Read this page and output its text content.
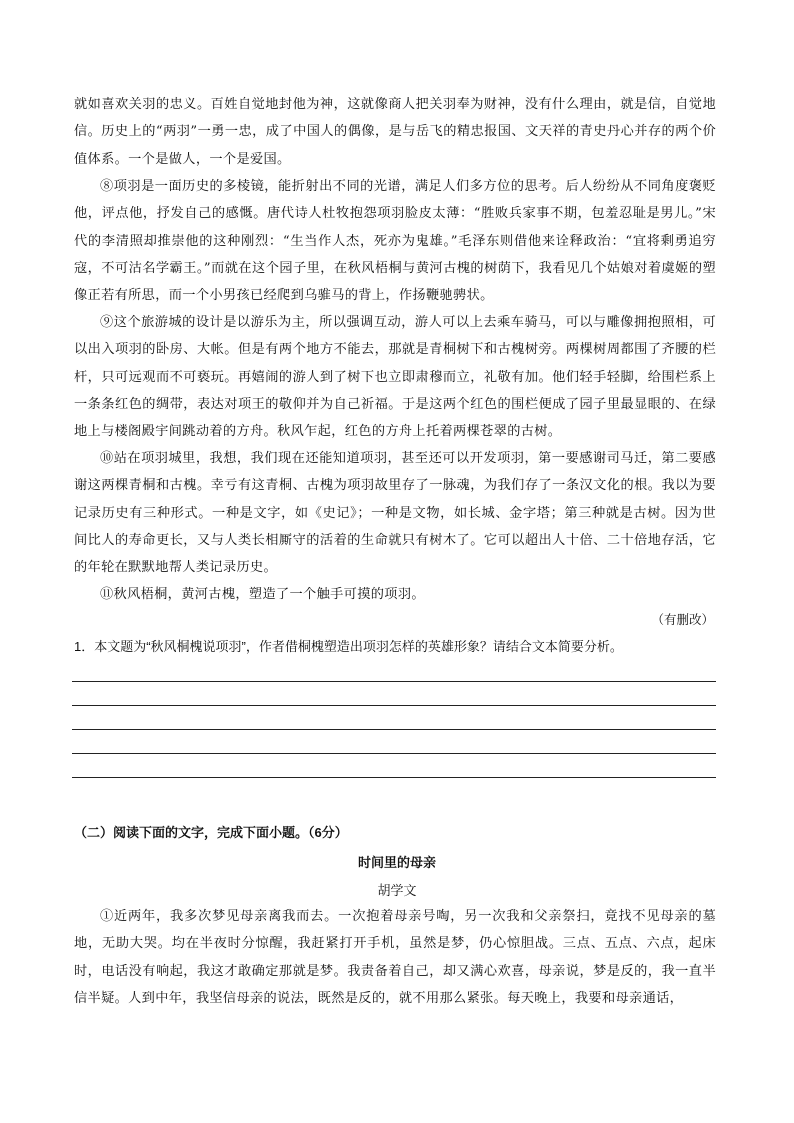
就如喜欢关羽的忠义。百姓自觉地封他为神，这就像商人把关羽奉为财神，没有什么理由，就是信，自觉地信。历史上的“两羽”一勇一忠，成了中国人的偶像，是与岳飞的精忠报国、文天祥的青史丹心并存的两个价值体系。一个是做人，一个是爱国。

⑧项羽是一面历史的多棱镜，能折射出不同的光谱，满足人们多方位的思考。后人纷纷从不同角度褒贬他，评点他，抒发自己的感慨。唐代诗人杜牧抱怨项羽脸皮太薄：“胜败兵家事不期，包羞忍耻是男儿。”宋代的李清照却推崇他的这种刚烈：“生当作人杰，死亦为鬼雄。”毛泽东则借他来诠释政治：“宜将剩勇追穷寇，不可沽名学霸王。”而就在这个园子里，在秋风梧桐与黄河古槐的树荫下，我看见几个姑娘对着虞姬的塑像正若有所思，而一个小男孩已经爬到乌骓马的背上，作扬鞭驰骋状。

⑨这个旅游城的设计是以游乐为主，所以强调互动，游人可以上去乘车骑马，可以与雕像拥抱照相，可以出入项羽的卧房、大帐。但是有两个地方不能去，那就是青桐树下和古槐树旁。两棵树周都围了齐腰的栏杆，只可远观而不可亵玩。再嬉闹的游人到了树下也立即肃穆而立，礼敬有加。他们轻手轻脚，给围栏系上一条条红色的绸带，表达对项王的敬仰并为自己祈福。于是这两个红色的围栏便成了园子里最显眼的、在绿地上与楼阁殿宇间跳动着的方舟。秋风乍起，红色的方舟上托着两棵苍翠的古树。

⑩站在项羽城里，我想，我们现在还能知道项羽，甚至还可以开发项羽，第一要感谢司马迁，第二要感谢这两棵青桐和古槐。幸亏有这青桐、古槐为项羽故里存了一脉魂，为我们存了一条汉文化的根。我以为要记录历史有三种形式。一种是文字，如《史记》；一种是文物，如长城、金字塔；第三种就是古树。因为世间比人的寿命更长，又与人类长相厮守的活着的生命就只有树木了。它可以超出人十倍、二十倍地存活，它的年轮在默默地帮人类记录历史。

⑪秋风梧桐，黄河古槐，塑造了一个触手可摸的项羽。

（有删改）
1．本文题为“秋风桐槐说项羽”，作者借桐槐塑造出项羽怎样的英雄形象？请结合文本简要分析。
（二）阅读下面的文字，完成下面小题。（6分）
时间里的母亲
胡学文

①近两年，我多次梦见母亲离我而去。一次抱着母亲号啕，另一次我和父亲祭扫，竟找不见母亲的墓地，无助大哭。均在半夜时分惊醒，我赶紧打开手机，虽然是梦，仍心惊胆战。三点、五点、六点，起床时，电话没有响起，我这才敢确定那就是梦。我责备着自己，却又满心欢喜，母亲说，梦是反的，我一直半信半疑。人到中年，我坚信母亲的说法，既然是反的，就不用那么紧张。每天晚上，我要和母亲通话，
